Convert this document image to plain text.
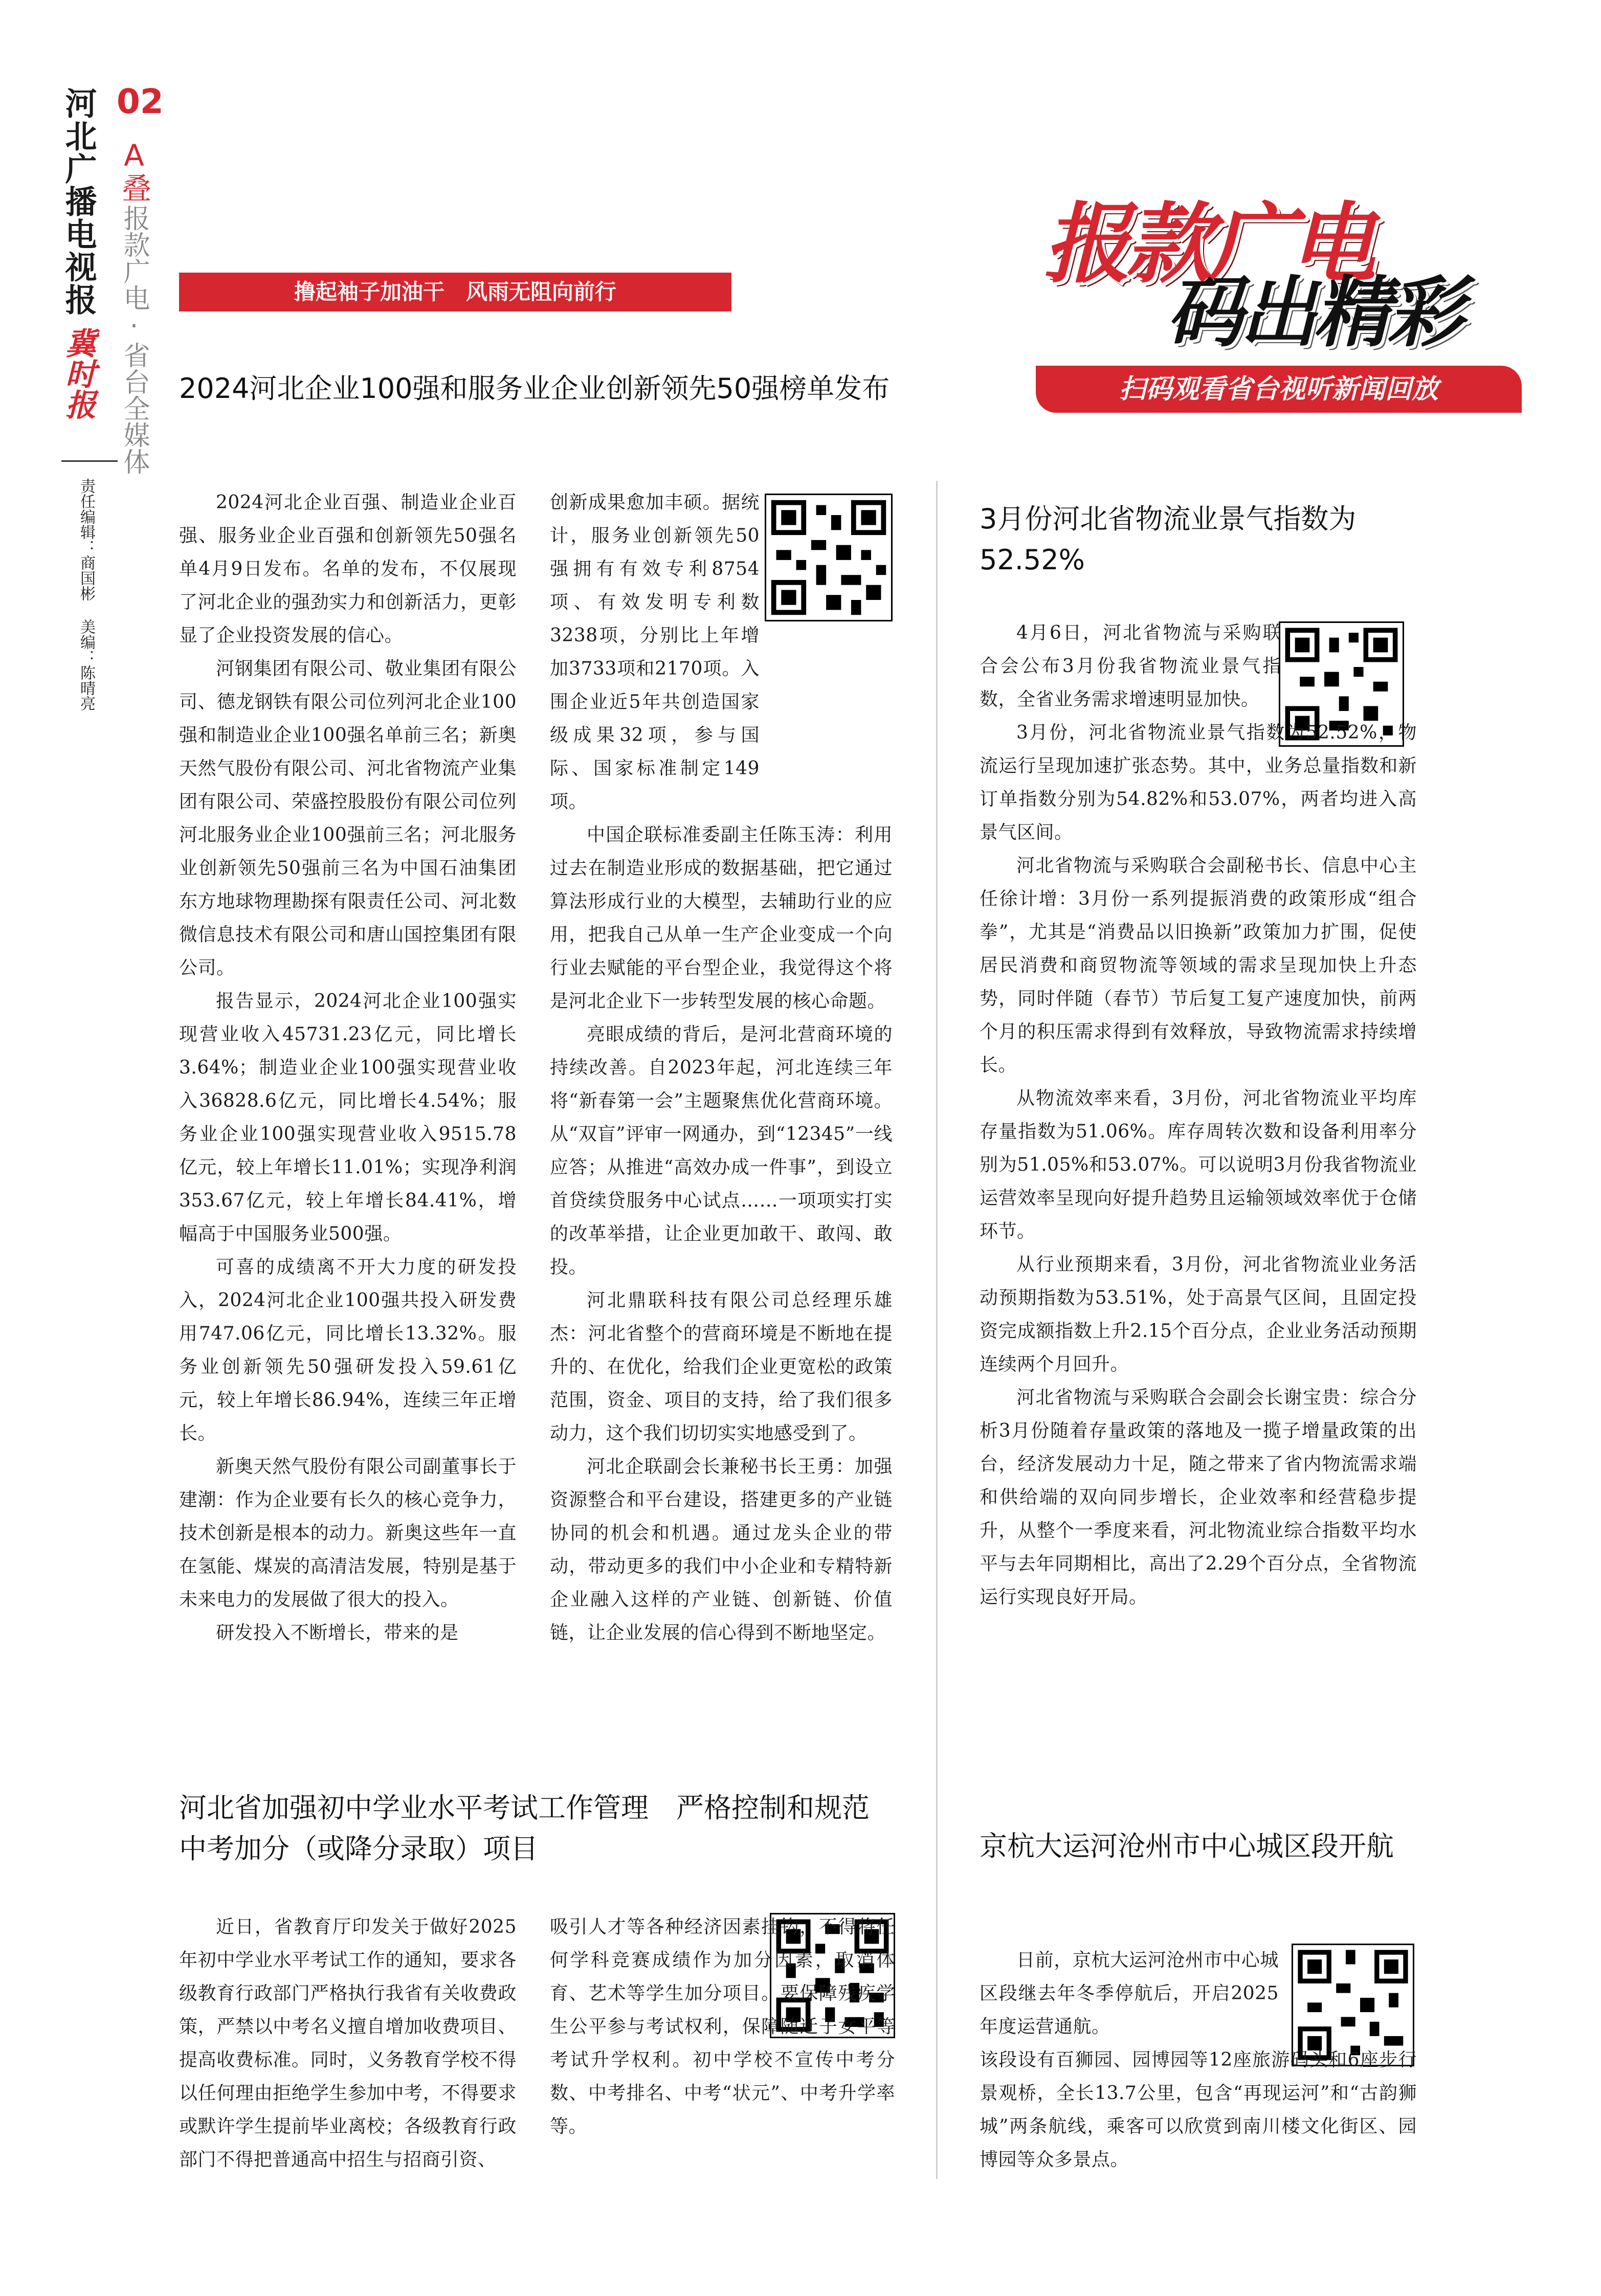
河北广播电视报
冀时报
02
A叠
报款广电·省台全媒体
责任编辑：商国彬 美编：陈晴亮
撸起袖子加油干　风雨无阻向前行	报款广电
码出精彩
扫码观看省台视听新闻回放
2024河北企业100强和服务业企业创新领先50强榜单发布

2024河北企业百强、制造业企业百强、服务业企业百强和创新领先50强名单4月9日发布。名单的发布，不仅展现了河北企业的强劲实力和创新活力，更彰显了企业投资发展的信心。

河钢集团有限公司、敬业集团有限公司、德龙钢铁有限公司位列河北企业100强和制造业企业100强名单前三名；新奥天然气股份有限公司、河北省物流产业集团有限公司、荣盛控股股份有限公司位列河北服务业企业100强前三名；河北服务业创新领先50强前三名为中国石油集团东方地球物理勘探有限责任公司、河北数微信息技术有限公司和唐山国控集团有限公司。

报告显示，2024河北企业100强实现营业收入45731.23亿元，同比增长3.64%；制造业企业100强实现营业收入36828.6亿元，同比增长4.54%；服务业企业100强实现营业收入9515.78亿元，较上年增长11.01%；实现净利润353.67亿元，较上年增长84.41%，增幅高于中国服务业500强。

可喜的成绩离不开大力度的研发投入，2024河北企业100强共投入研发费用747.06亿元，同比增长13.32%。服务业创新领先50强研发投入59.61亿元，较上年增长86.94%，连续三年正增长。

新奥天然气股份有限公司副董事长于建潮：作为企业要有长久的核心竞争力，技术创新是根本的动力。新奥这些年一直在氢能、煤炭的高清洁发展，特别是基于未来电力的发展做了很大的投入。

研发投入不断增长，带来的是

创新成果愈加丰硕。据统计，服务业创新领先50强拥有有效专利8754项、有效发明专利数3238项，分别比上年增加3733项和2170项。入围企业近5年共创造国家级成果32项，参与国际、国家标准制定149项。

中国企联标准委副主任陈玉涛：利用过去在制造业形成的数据基础，把它通过算法形成行业的大模型，去辅助行业的应用，把我自己从单一生产企业变成一个向行业去赋能的平台型企业，我觉得这个将是河北企业下一步转型发展的核心命题。

亮眼成绩的背后，是河北营商环境的持续改善。自2023年起，河北连续三年将“新春第一会”主题聚焦优化营商环境。从“双盲”评审一网通办，到“12345”一线应答；从推进“高效办成一件事”，到设立首贷续贷服务中心试点……一项项实打实的改革举措，让企业更加敢干、敢闯、敢投。

河北鼎联科技有限公司总经理乐雄杰：河北省整个的营商环境是不断地在提升的、在优化，给我们企业更宽松的政策范围，资金、项目的支持，给了我们很多动力，这个我们切切实实地感受到了。

河北企联副会长兼秘书长王勇：加强资源整合和平台建设，搭建更多的产业链协同的机会和机遇。通过龙头企业的带动，带动更多的我们中小企业和专精特新企业融入这样的产业链、创新链、价值链，让企业发展的信心得到不断地坚定。

河北省加强初中学业水平考试工作管理　严格控制和规范中考加分（或降分录取）项目

近日，省教育厅印发关于做好2025年初中学业水平考试工作的通知，要求各级教育行政部门严格执行我省有关收费政策，严禁以中考名义擅自增加收费项目、提高收费标准。同时，义务教育学校不得以任何理由拒绝学生参加中考，不得要求或默许学生提前毕业离校；各级教育行政部门不得把普通高中招生与招商引资、

吸引人才等各种经济因素挂钩，不得将任何学科竞赛成绩作为加分因素，取消体育、艺术等学生加分项目。要保障残疾学生公平参与考试权利，保障随迁子女平等考试升学权利。初中学校不宣传中考分数、中考排名、中考“状元”、中考升学率等。

3月份河北省物流业景气指数为52.52%

4月6日，河北省物流与采购联合会公布3月份我省物流业景气指数，全省业务需求增速明显加快。

3月份，河北省物流业景气指数为52.52%，物流运行呈现加速扩张态势。其中，业务总量指数和新订单指数分别为54.82%和53.07%，两者均进入高景气区间。

河北省物流与采购联合会副秘书长、信息中心主任徐计增：3月份一系列提振消费的政策形成“组合拳”，尤其是“消费品以旧换新”政策加力扩围，促使居民消费和商贸物流等领域的需求呈现加快上升态势，同时伴随（春节）节后复工复产速度加快，前两个月的积压需求得到有效释放，导致物流需求持续增长。

从物流效率来看，3月份，河北省物流业平均库存量指数为51.06%。库存周转次数和设备利用率分别为51.05%和53.07%。可以说明3月份我省物流业运营效率呈现向好提升趋势且运输领域效率优于仓储环节。

从行业预期来看，3月份，河北省物流业业务活动预期指数为53.51%，处于高景气区间，且固定投资完成额指数上升2.15个百分点，企业业务活动预期连续两个月回升。

河北省物流与采购联合会副会长谢宝贵：综合分析3月份随着存量政策的落地及一揽子增量政策的出台，经济发展动力十足，随之带来了省内物流需求端和供给端的双向同步增长，企业效率和经营稳步提升，从整个一季度来看，河北物流业综合指数平均水平与去年同期相比，高出了2.29个百分点，全省物流运行实现良好开局。

京杭大运河沧州市中心城区段开航

日前，京杭大运河沧州市中心城区段继去年冬季停航后，开启2025年度运营通航。

该段设有百狮园、园博园等12座旅游码头和6座步行景观桥，全长13.7公里，包含“再现运河”和“古韵狮城”两条航线，乘客可以欣赏到南川楼文化街区、园博园等众多景点。
